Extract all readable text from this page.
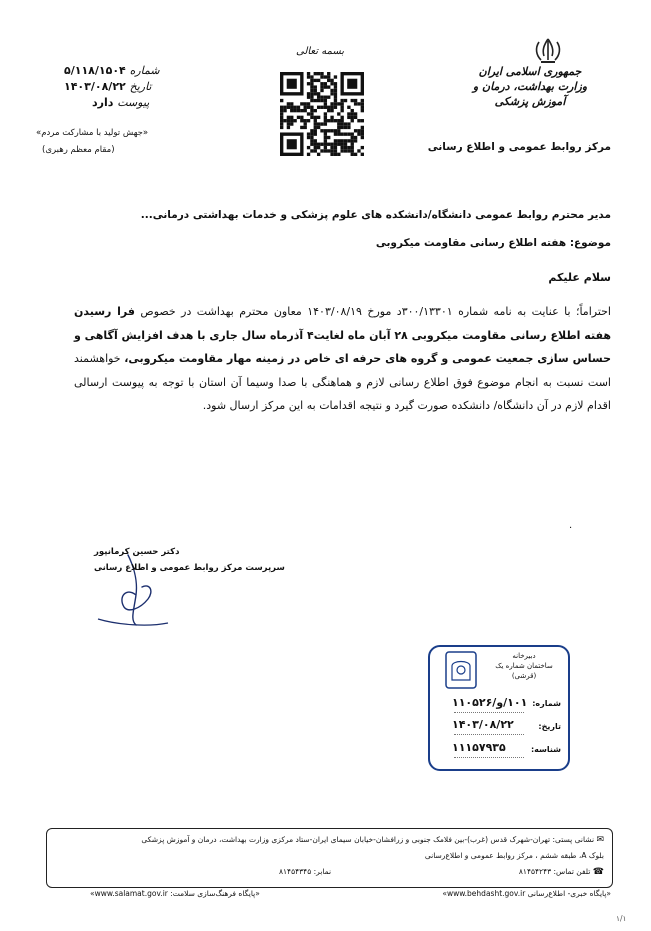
جمهوری اسلامی ایران
وزارت بهداشت، درمان و آموزش پزشکی
مرکز روابط عمومی و اطلاع رسانی
بسمه تعالی
شماره ۵/۱۱۸/۱۵۰۴
تاریخ ۱۴۰۳/۰۸/۲۲
پیوست دارد
«جهش تولید با مشارکت مردم»
(مقام معظم رهبری)
مدیر محترم روابط عمومی دانشگاه/دانشکده های علوم پزشکی و خدمات بهداشتی درمانی...
موضوع: هفته اطلاع رسانی مقاومت میکروبی
سلام علیکم
احتراماً؛ با عنایت به نامه شماره ۳۰۰/۱۳۳۰۱د مورخ ۱۴۰۳/۰۸/۱۹ معاون محترم بهداشت در خصوص فرا رسیدن هفته اطلاع رسانی مقاومت میکروبی ۲۸ آبان ماه لغایت۴ آذرماه سال جاری با هدف افزایش آگاهی و حساس سازی جمعیت عمومی و گروه های حرفه ای خاص در زمینه مهار مقاومت میکروبی، خواهشمند است نسبت به انجام موضوع فوق اطلاع رسانی لازم و هماهنگی با صدا وسیما آن استان با توجه به پیوست ارسالی اقدام لازم در آن دانشگاه/ دانشکده صورت گیرد و نتیجه اقدامات به این مرکز ارسال شود.
.
دکتر حسین کرمانپور
سرپرست مرکز روابط عمومی و اطلاع رسانی
دبیرخانه
ساختمان شماره یک
(قرشی)
شماره:
۱۰۱/و/۱۱۰۵۲۶
تاریخ:
۱۴۰۳/۰۸/۲۲
شناسه:
۱۱۱۵۷۹۳۵
✉ نشانی پستی: تهران-شهرک قدس (غرب)-بین فلامک جنوبی و زرافشان-خیابان سیمای ایران-ستاد مرکزی وزارت بهداشت، درمان و آموزش پزشکی
بلوک A، طبقه ششم ، مرکز روابط عمومی و اطلاع‌رسانی
☎ تلفن تماس: ۸۱۴۵۴۲۴۳
نمابر: ۸۱۴۵۴۳۴۵
«پایگاه خبری- اطلاع‌رسانی www.behdasht.gov.ir»
«پایگاه فرهنگ‌سازی سلامت: www.salamat.gov.ir»
۱/۱
